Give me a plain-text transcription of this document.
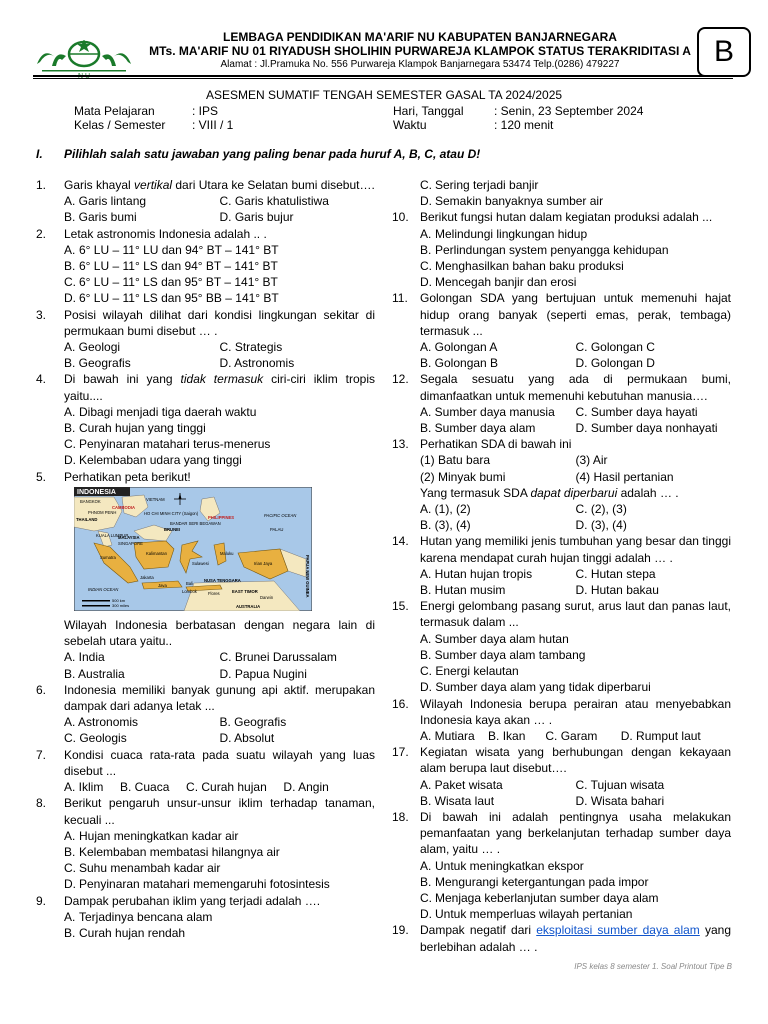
N U
LEMBAGA PENDIDIKAN MA'ARIF NU KABUPATEN BANJARNEGARA
MTs. MA'ARIF NU 01 RIYADUSH SHOLIHIN PURWAREJA KLAMPOK STATUS TERAKRIDITASI A
Alamat : Jl.Pramuka No. 556 Purwareja Klampok Banjarnegara 53474 Telp.(0286) 479227	B
ASESMEN SUMATIF TENGAH SEMESTER GASAL TA 2024/2025
Mata Pelajaran	: IPS
Kelas / Semester : VIII / 1
Hari, Tanggal	: Senin, 23 September 2024
Waktu	: 120 menit
I. Pilihlah salah satu jawaban yang paling benar pada huruf A, B, C, atau D!
1. Garis khayal vertikal dari Utara ke Selatan bumi disebut….
A. Garis lintang	C. Garis khatulistiwa
B. Garis bumi	D. Garis bujur
2. Letak astronomis Indonesia adalah .. .
A. 6° LU – 11° LU dan 94° BT – 141° BT
B. 6° LU – 11° LS dan 94° BT – 141° BT
C. 6° LU – 11° LS dan 95° BT – 141° BT
D. 6° LU – 11° LS dan 95° BB – 141° BT
3. Posisi wilayah dilihat dari kondisi lingkungan sekitar di permukaan bumi disebut … .
A. Geologi	C. Strategis
B. Geografis	D. Astronomis
4. Di bawah ini yang tidak termasuk ciri-ciri iklim tropis yaitu....
A. Dibagi menjadi tiga daerah waktu
B. Curah hujan yang tinggi
C. Penyinaran matahari terus-menerus
D. Kelembaban udara yang tinggi
5. Perhatikan peta berikut!
INDONESIA
BANGKOK	VIETNAM
CAMBODIA
PHNOM PENH	HO CHI MINH CITY (Saigon)
THAILAND	PHILIPPINES	PACIFIC OCEAN
BANDAR SERI BEGAWAN
BRUNEI
KUALA LUMPUR
MALAYSIA
SINGAPORE
PALAU
Sumatra
Kalimantan
Sulawesi
Maluku
Irian Jaya
Jakarta
Java	Bali
Lombok
NUSA TENGGARA
Flores	EAST TIMOR
INDIAN OCEAN	PAPUA NEW GUINEA
Darwin
AUSTRALIA
500 km
300 miles
Wilayah Indonesia berbatasan dengan negara lain di sebelah utara yaitu..
A. India	C. Brunei Darussalam
B. Australia	D. Papua Nugini
6. Indonesia memiliki banyak gunung api aktif. merupakan dampak dari adanya letak ...
A. Astronomis	B. Geografis
C. Geologis	D. Absolut
7. Kondisi cuaca rata-rata pada suatu wilayah yang luas disebut ...
A. Iklim     B. Cuaca     C. Curah hujan     D. Angin
8. Berikut pengaruh unsur-unsur iklim terhadap tanaman, kecuali ...
A. Hujan meningkatkan kadar air
B. Kelembaban membatasi hilangnya air
C. Suhu menambah kadar air
D. Penyinaran matahari memengaruhi fotosintesis
9. Dampak perubahan iklim yang terjadi adalah ….
A. Terjadinya bencana alam
B. Curah hujan rendah
C. Sering terjadi banjir
D. Semakin banyaknya sumber air
10. Berikut fungsi hutan dalam kegiatan produksi adalah ...
A. Melindungi lingkungan hidup
B. Perlindungan system penyangga kehidupan
C. Menghasilkan bahan baku produksi
D. Mencegah banjir dan erosi
11. Golongan SDA yang bertujuan untuk memenuhi hajat hidup orang banyak (seperti emas, perak, tembaga) termasuk ...
A. Golongan A	C. Golongan C
B. Golongan B	D. Golongan D
12. Segala sesuatu yang ada di permukaan bumi, dimanfaatkan untuk memenuhi kebutuhan manusia….
A. Sumber daya manusia	C. Sumber daya hayati
B. Sumber daya alam	D. Sumber daya nonhayati
13. Perhatikan SDA di bawah ini
(1) Batu bara	(3) Air
(2) Minyak bumi	(4) Hasil pertanian
Yang termasuk SDA dapat diperbarui adalah … .
A. (1), (2)	C. (2), (3)
B. (3), (4)	D. (3), (4)
14. Hutan yang memiliki jenis tumbuhan yang besar dan tinggi karena mendapat curah hujan tinggi adalah … .
A. Hutan hujan tropis	C. Hutan stepa
B. Hutan musim	D. Hutan bakau
15. Energi gelombang pasang surut, arus laut dan panas laut, termasuk dalam ...
A. Sumber daya alam hutan
B. Sumber daya alam tambang
C. Energi kelautan
D. Sumber daya alam yang tidak diperbarui
16. Wilayah Indonesia berupa perairan atau menyebabkan Indonesia kaya akan … .
A. Mutiara    B. Ikan      C. Garam       D. Rumput laut
17. Kegiatan wisata yang berhubungan dengan kekayaan alam berupa laut disebut….
A. Paket wisata	C. Tujuan wisata
B. Wisata laut	D. Wisata bahari
18. Di bawah ini adalah pentingnya usaha melakukan pemanfaatan yang berkelanjutan terhadap sumber daya alam, yaitu … .
A. Untuk meningkatkan ekspor
B. Mengurangi ketergantungan pada impor
C. Menjaga keberlanjutan sumber daya alam
D. Untuk memperluas wilayah pertanian
19. Dampak negatif dari eksploitasi sumber daya alam yang berlebihan adalah … .
IPS kelas 8 semester 1. Soal Printout Tipe B
